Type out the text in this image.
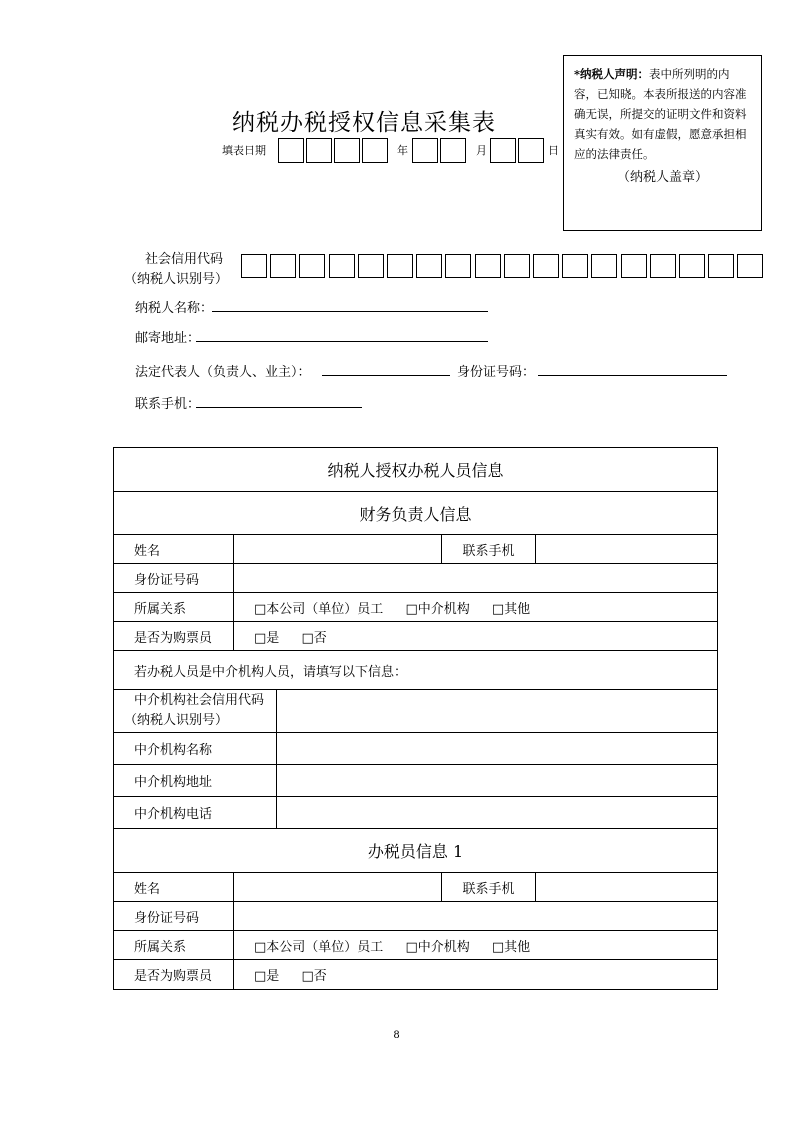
*纳税人声明：表中所列明的内容，已知晓。本表所报送的内容准确无误，所提交的证明文件和资料真实有效。如有虚假，愿意承担相应的法律责任。
（纳税人盖章）
纳税办税授权信息采集表
填表日期	年	月	日
社会信用代码
（纳税人识别号）
纳税人名称：
邮寄地址：
法定代表人（负责人、业主）：	身份证号码：
联系手机：
纳税人授权办税人员信息				
财务负责人信息				
姓名			联系手机	
身份证号码				
所属关系	□本公司（单位）员工 □中介机构 □其他			
是否为购票员	□是 □否			
若办税人员是中介机构人员，请填写以下信息：				

中介机构社会信用代码
（纳税人识别号）				

中介机构名称				
中介机构地址				
中介机构电话				
办税员信息 1				
姓名			联系手机	
身份证号码				
所属关系	□本公司（单位）员工 □中介机构 □其他			
是否为购票员	□是 □否			
8
